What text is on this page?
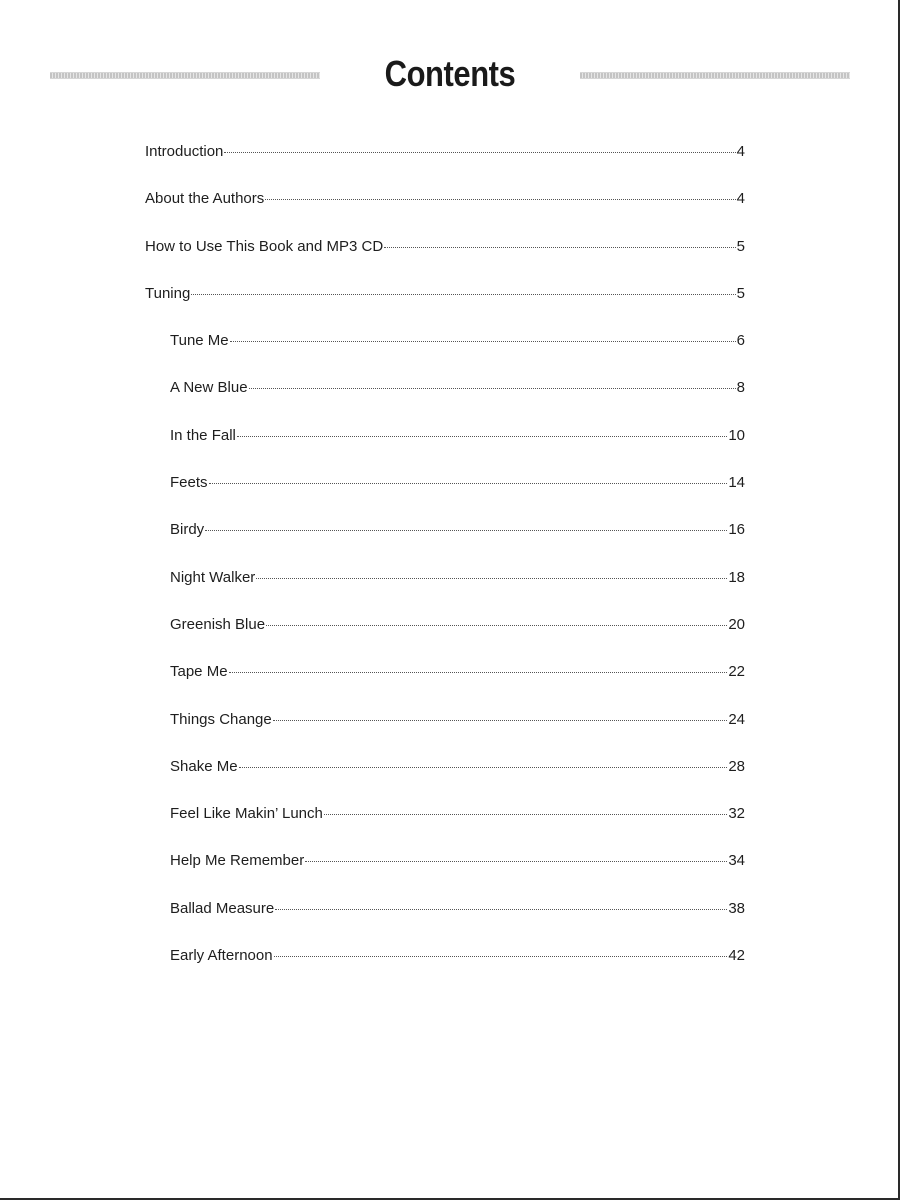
Contents
Introduction	4
About the Authors	4
How to Use This Book and MP3 CD	5
Tuning	5
Tune Me	6
A New Blue	8
In the Fall	10
Feets	14
Birdy	16
Night Walker	18
Greenish Blue	20
Tape Me	22
Things Change	24
Shake Me	28
Feel Like Makin’ Lunch	32
Help Me Remember	34
Ballad Measure	38
Early Afternoon	42
